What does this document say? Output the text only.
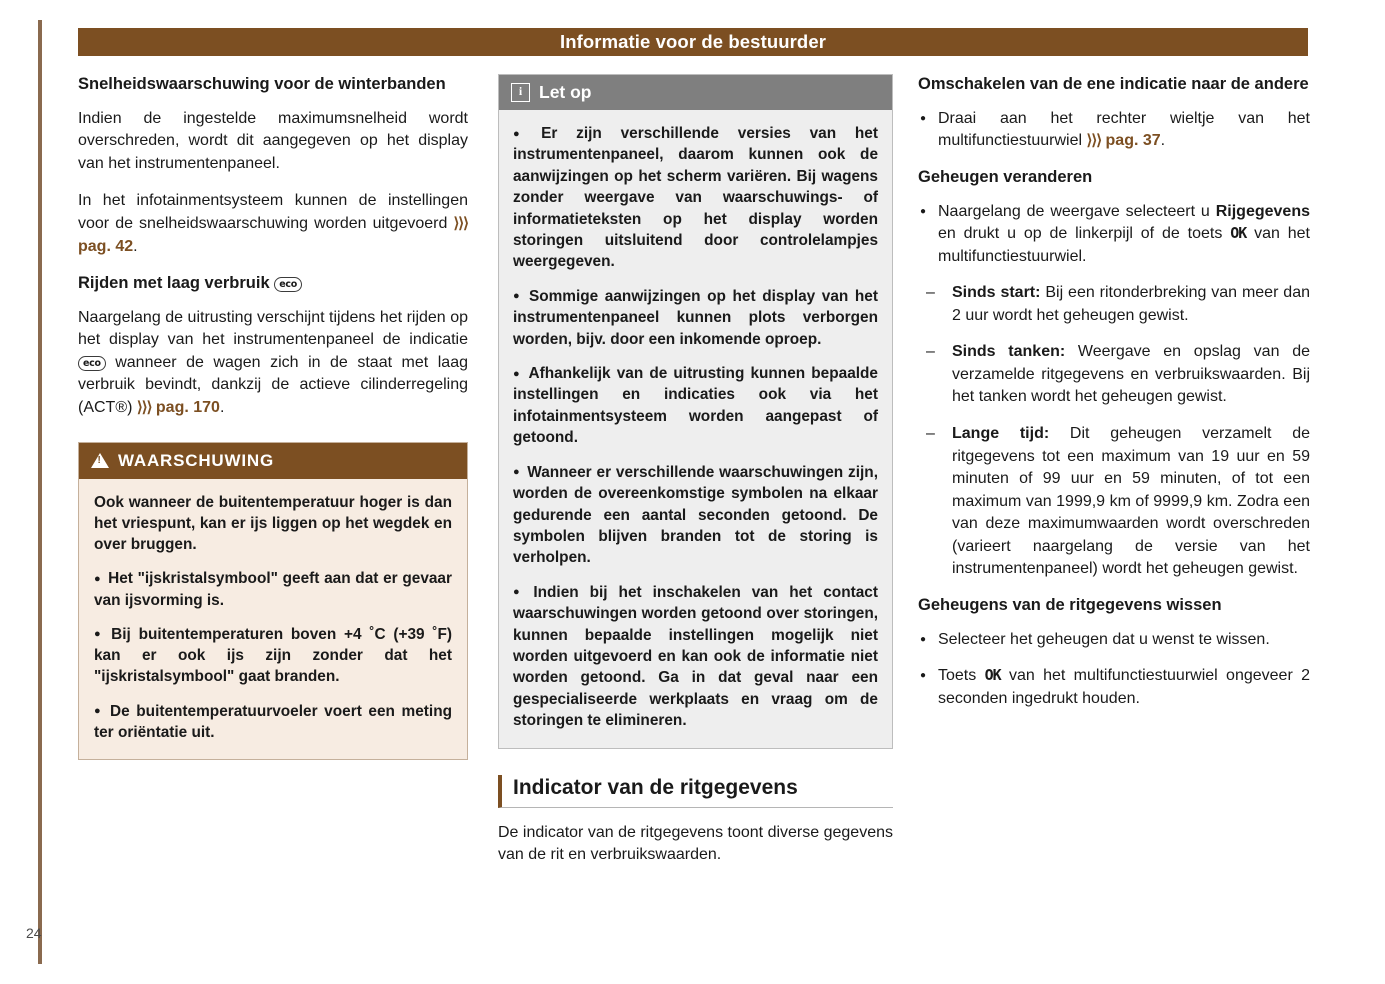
24
Informatie voor de bestuurder
Snelheidswaarschuwing voor de winterbanden

Indien de ingestelde maximumsnelheid wordt overschreden, wordt dit aangegeven op het display van het instrumentenpaneel.

In het infotainmentsysteem kunnen de instellingen voor de snelheidswaarschuwing worden uitgevoerd ⟩⟩⟩ pag. 42.

Rijden met laag verbruik eco

Naargelang de uitrusting verschijnt tijdens het rijden op het display van het instrumentenpaneel de indicatie eco wanneer de wagen zich in de staat met laag verbruik bevindt, dankzij de actieve cilinderregeling (ACT®) ⟩⟩⟩ pag. 170.

!
WAARSCHUWING

Ook wanneer de buitentemperatuur hoger is dan het vriespunt, kan er ijs liggen op het wegdek en over bruggen.

● Het "ijskristalsymbool" geeft aan dat er gevaar van ijsvorming is.

● Bij buitentemperaturen boven +4 ˚C (+39 ˚F) kan er ook ijs zijn zonder dat het "ijskristalsymbool" gaat branden.

● De buitentemperatuurvoeler voert een meting ter oriëntatie uit.

i Let op

● Er zijn verschillende versies van het instrumentenpaneel, daarom kunnen ook de aanwijzingen op het scherm variëren. Bij wagens zonder weergave van waarschuwings- of informatieteksten op het display worden storingen uitsluitend door controlelampjes weergegeven.

● Sommige aanwijzingen op het display van het instrumentenpaneel kunnen plots verborgen worden, bijv. door een inkomende oproep.

● Afhankelijk van de uitrusting kunnen bepaalde instellingen en indicaties ook via het infotainmentsysteem worden aangepast of getoond.

● Wanneer er verschillende waarschuwingen zijn, worden de overeenkomstige symbolen na elkaar gedurende een aantal seconden getoond. De symbolen blijven branden tot de storing is verholpen.

● Indien bij het inschakelen van het contact waarschuwingen worden getoond over storingen, kunnen bepaalde instellingen mogelijk niet worden uitgevoerd en kan ook de informatie niet worden getoond. Ga in dat geval naar een gespecialiseerde werkplaats en vraag om de storingen te elimineren.

Indicator van de ritgegevens

De indicator van de ritgegevens toont diverse gegevens van de rit en verbruikswaarden.

Omschakelen van de ene indicatie naar de andere
● Draai aan het rechter wieltje van het multifunctiestuurwiel ⟩⟩⟩ pag. 37.
Geheugen veranderen
● Naargelang de weergave selecteert u Rijgegevens en drukt u op de linkerpijl of de toets OK van het multifunctiestuurwiel.
– Sinds start: Bij een ritonderbreking van meer dan 2 uur wordt het geheugen gewist.
– Sinds tanken: Weergave en opslag van de verzamelde ritgegevens en verbruikswaarden. Bij het tanken wordt het geheugen gewist.
– Lange tijd: Dit geheugen verzamelt de ritgegevens tot een maximum van 19 uur en 59 minuten of 99 uur en 59 minuten, of tot een maximum van 1999,9 km of 9999,9 km. Zodra een van deze maximumwaarden wordt overschreden (varieert naargelang de versie van het instrumentenpaneel) wordt het geheugen gewist.
Geheugens van de ritgegevens wissen
● Selecteer het geheugen dat u wenst te wissen.
● Toets OK van het multifunctiestuurwiel ongeveer 2 seconden ingedrukt houden.
